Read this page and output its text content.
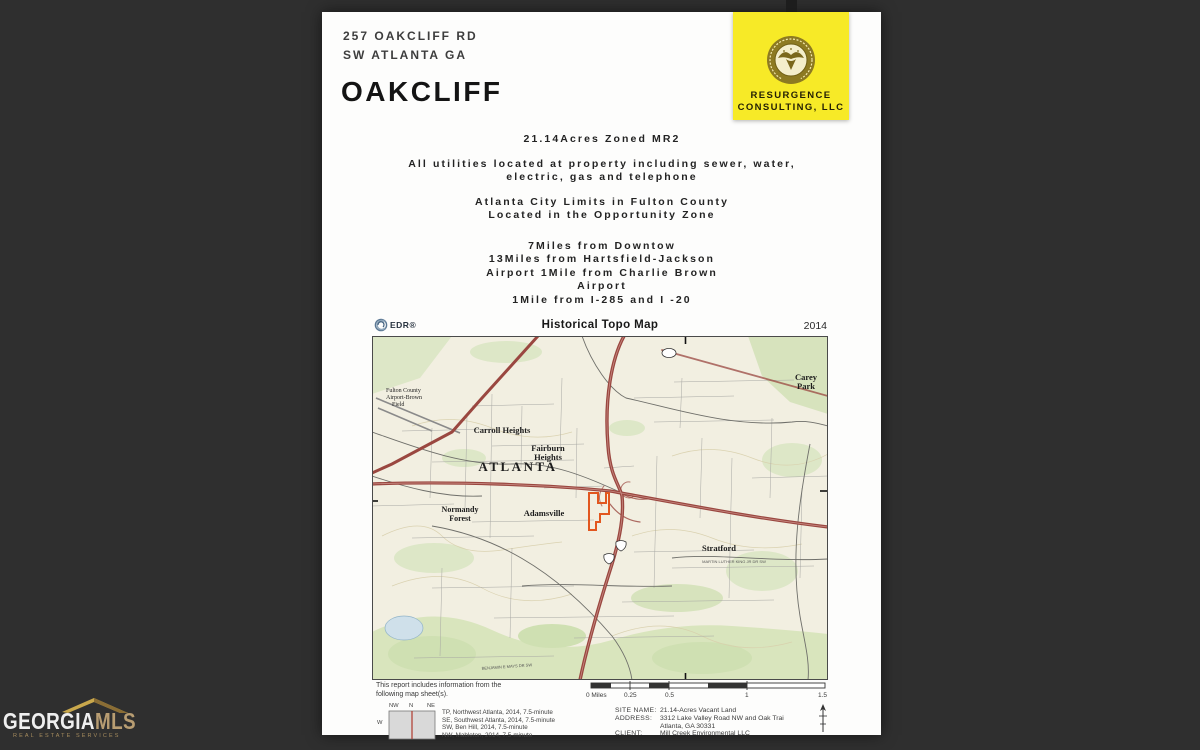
257 OAKCLIFF RD
SW ATLANTA GA
OAKCLIFF	RESURGENCE
CONSULTING, LLC
21.14Acres Zoned MR2
All utilities located at property including sewer, water,
electric, gas and telephone
Atlanta City Limits in Fulton County
Located in the Opportunity Zone
7Miles from Downtow
13Miles from Hartsfield-Jackson
Airport 1Mile from Charlie Brown
Airport
1Mile from I-285 and I -20
EDR®	Historical Topo Map	2014
ATLANTA
Carroll Heights
Fairburn
Heights
Normandy
Forest
Adamsville
Carey
Park
Stratford
Fulton County
Airport-Brown
Field
MARTIN LUTHER KING JR DR SW
BENJAMIN E MAYS DR SW
This report includes information from the
following map sheet(s).
NW N NE
W
TP, Northwest Atlanta, 2014, 7.5-minute
SE, Southwest Atlanta, 2014, 7.5-minute
SW, Ben Hill, 2014, 7.5-minute
NW, Mableton, 2014, 7.5-minute
0 Miles	0.25	0.5	1	1.5
SITE NAME: 21.14-Acres Vacant Land
ADDRESS:	3312 Lake Valley Road NW and Oak Trai
Atlanta, GA 30331
CLIENT:	Mill Creek Environmental LLC
GEORGIAMLS
REAL ESTATE SERVICES
